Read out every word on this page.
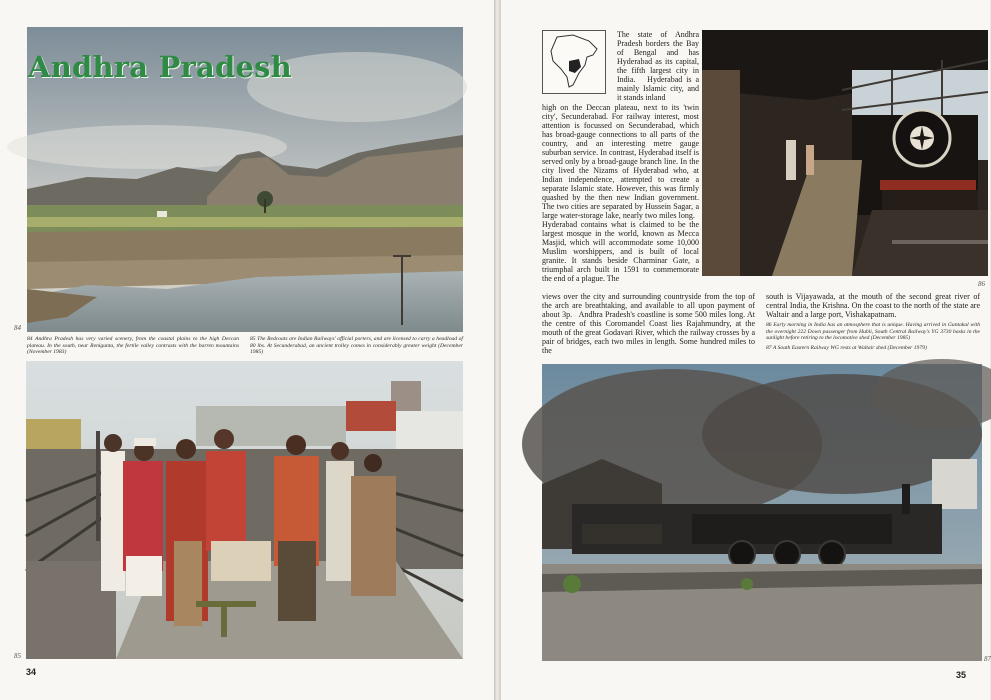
Andhra Pradesh
84
84 Andhra Pradesh has very varied scenery, from the coastal plains to the high Deccan plateau. In the south, near Renigunta, the fertile valley contrasts with the barren mountains (November 1983)
85 The Redcoats are Indian Railways' official porters, and are licensed to carry a headload of 80 lbs. At Secunderabad, an ancient trolley comes in considerably greater weight (December 1985)
85
34

The state of Andhra Pradesh borders the Bay of Bengal and has Hyderabad as its capital, the fifth largest city in India.   Hyderabad is a mainly Islamic city, and it stands inland

high on the Deccan plateau, next to its 'twin city', Secunderabad. For railway interest, most attention is focussed on Secunderabad, which has broad-gauge connections to all parts of the country, and an interesting metre gauge suburban service. In contrast, Hyderabad itself is served only by a broad-gauge branch line. In the city lived the Nizams of Hyderabad who, at Indian independence, attempted to create a separate Islamic state. However, this was firmly quashed by the then new Indian government. The two cities are separated by Hussein Sagar, a large water-storage lake, nearly two miles long.   Hyderabad contains what is claimed to be the largest mosque in the world, known as Mecca Masjid, which will accommodate some 10,000 Muslim worshippers, and is built of local granite. It stands beside Charminar Gate, a triumphal arch built in 1591 to commemorate the end of a plague. The

views over the city and surrounding countryside from the top of the arch are breathtaking, and available to all upon payment of about 3p.   Andhra Pradesh's coastline is some 500 miles long. At the centre of this Coromandel Coast lies Rajahmundry, at the mouth of the great Godavari River, which the railway crosses by a pair of bridges, each two miles in length. Some hundred miles to the

south is Vijayawada, at the mouth of the second great river of central India, the Krishna. On the coast to the north of the state are Waltair and a large port, Vishakapatnam.

86
86 Early morning in India has an atmosphere that is unique. Having arrived in Guntakal with the overnight 222 Down passenger from Hubli, South Central Railway's YG 3730 basks in the sunlight before retiring to the locomotive shed (December 1985)
87 A South Eastern Railway WG rests at Waltair shed (December 1979)
87
35
